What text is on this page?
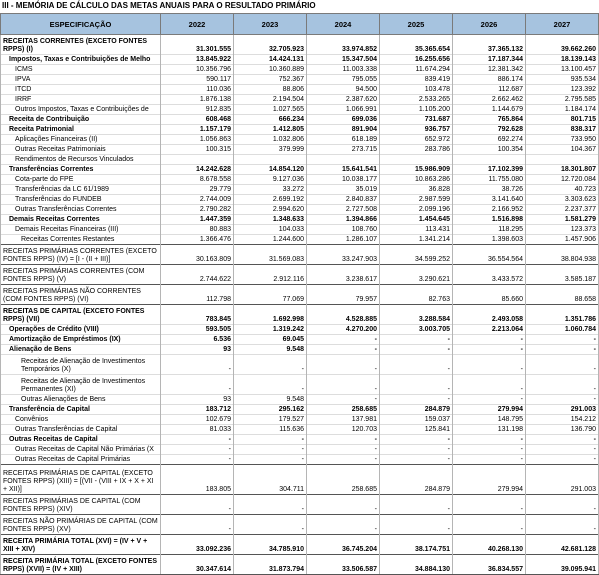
III - MEMÓRIA DE CÁLCULO DAS METAS ANUAIS PARA O RESULTADO PRIMÁRIO
ESPECIFICAÇÃO	2022	2023	2024	2025	2026	2027
RECEITAS CORRENTES (EXCETO FONTES RPPS) (I)	31.301.555	32.705.923	33.974.852	35.365.654	37.365.132	39.662.260
Impostos, Taxas e Contribuições de Melho	13.845.922	14.424.131	15.347.504	16.255.656	17.187.344	18.139.143
ICMS	10.356.796	10.360.889	11.003.338	11.674.294	12.381.342	13.100.457
IPVA	590.117	752.367	795.055	839.419	886.174	935.534
ITCD	110.036	88.806	94.500	103.478	112.687	123.392
IRRF	1.876.138	2.194.504	2.387.620	2.533.265	2.662.462	2.795.585
Outros Impostos, Taxas e Contribuições de	912.835	1.027.565	1.066.991	1.105.200	1.144.679	1.184.174
Receita de Contribuição	608.468	666.234	699.036	731.687	765.864	801.715
Receita Patrimonial	1.157.179	1.412.805	891.904	936.757	792.628	838.317
Aplicações Financeiras (II)	1.056.863	1.032.806	618.189	652.972	692.274	733.950
Outras Receitas Patrimoniais	100.315	379.999	273.715	283.786	100.354	104.367
Rendimentos de Recursos Vinculados						
Transferências Correntes	14.242.628	14.854.120	15.641.541	15.986.909	17.102.399	18.301.807
Cota-parte do FPE	8.678.558	9.127.036	10.038.177	10.863.286	11.755.080	12.720.084
Transferências da LC 61/1989	29.779	33.272	35.019	36.828	38.726	40.723
Transferências do FUNDEB	2.744.009	2.699.192	2.840.837	2.987.599	3.141.640	3.303.623
Outras Transferências Correntes	2.790.282	2.994.620	2.727.508	2.099.196	2.166.952	2.237.377
Demais Receitas Correntes	1.447.359	1.348.633	1.394.866	1.454.645	1.516.898	1.581.279
Demais Receitas Financeiras (III)	80.883	104.033	108.760	113.431	118.295	123.373
Receitas Correntes Restantes	1.366.476	1.244.600	1.286.107	1.341.214	1.398.603	1.457.906
RECEITAS PRIMÁRIAS CORRENTES (EXCETO FONTES RPPS) (IV) = [I - (II + III)]	30.163.809	31.569.083	33.247.903	34.599.252	36.554.564	38.804.938
RECEITAS PRIMÁRIAS CORRENTES (COM FONTES RPPS) (V)	2.744.622	2.912.116	3.238.617	3.290.621	3.433.572	3.585.187
RECEITAS PRIMÁRIAS NÃO CORRENTES (COM FONTES RPPS) (VI)	112.798	77.069	79.957	82.763	85.660	88.658
RECEITAS DE CAPITAL (EXCETO FONTES RPPS) (VII)	783.845	1.692.998	4.528.885	3.288.584	2.493.058	1.351.786
Operações de Crédito (VIII)	593.505	1.319.242	4.270.200	3.003.705	2.213.064	1.060.784
Amortização de Empréstimos (IX)	6.536	69.045	-	-	-	-
Alienação de Bens	93	9.548	-	-	-	-
Receitas de Alienação de Investimentos Temporários (X)	-	-	-	-	-	-
Receitas de Alienação de Investimentos Permanentes (XI)	-	-	-	-	-	-
Outras Alienações de Bens	93	9.548	-	-	-	-
Transferência de Capital	183.712	295.162	258.685	284.879	279.994	291.003
Convênios	102.679	179.527	137.981	159.037	148.795	154.212
Outras Transferências de Capital	81.033	115.636	120.703	125.841	131.198	136.790
Outras Receitas de Capital	-	-	-	-	-	-
Outras Receitas de Capital Não Primárias (X	-	-	-	-	-	-
Outras Receitas de Capital Primárias	-	-	-	-	-	-
RECEITAS PRIMÁRIAS DE CAPITAL (EXCETO FONTES RPPS) (XIII) = [(VII - (VIII + IX + X + XI + XII)]	183.805	304.711	258.685	284.879	279.994	291.003
RECEITAS PRIMÁRIAS DE CAPITAL (COM FONTES RPPS) (XIV)	-	-	-	-	-	-
RECEITAS NÃO PRIMÁRIAS DE CAPITAL (COM FONTES RPPS) (XV)	-	-	-	-	-	-
RECEITA PRIMÁRIA TOTAL (XVI) = (IV + V + XIII + XIV)	33.092.236	34.785.910	36.745.204	38.174.751	40.268.130	42.681.128
RECEITA PRIMÁRIA TOTAL (EXCETO FONTES RPPS) (XVII) = (IV + XIII)	30.347.614	31.873.794	33.506.587	34.884.130	36.834.557	39.095.941
